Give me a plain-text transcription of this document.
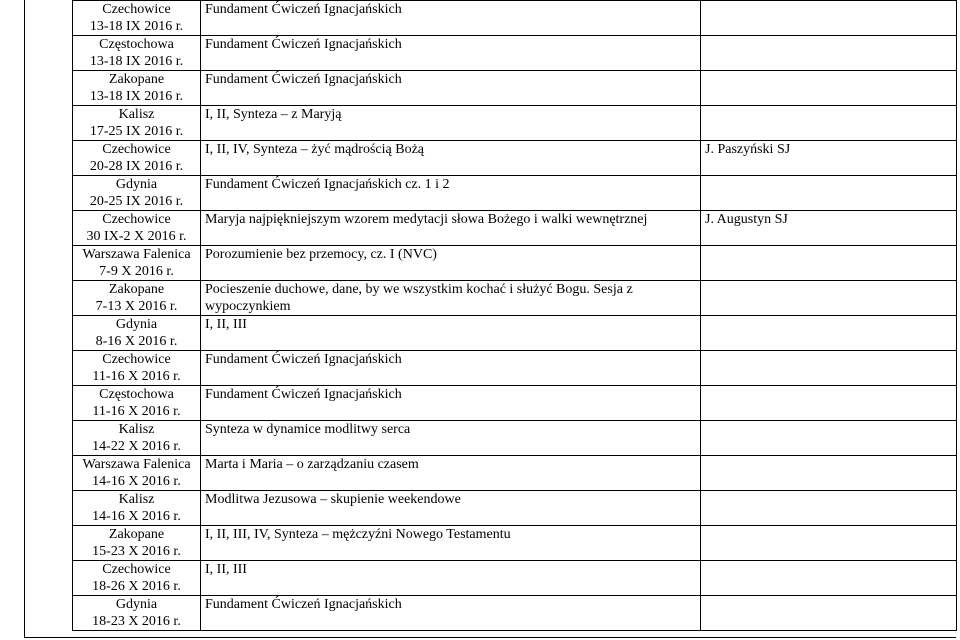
Czechowice
13-18 IX 2016 r.	Fundament Ćwiczeń Ignacjańskich	

Częstochowa
13-18 IX 2016 r.	Fundament Ćwiczeń Ignacjańskich	

Zakopane
13-18 IX 2016 r.	Fundament Ćwiczeń Ignacjańskich	

Kalisz
17-25 IX 2016 r.	I, II, Synteza – z Maryją	

Czechowice
20-28 IX 2016 r.	I, II, IV, Synteza – żyć mądrością Bożą	J. Paszyński SJ

Gdynia
20-25 IX 2016 r.	Fundament Ćwiczeń Ignacjańskich cz. 1 i 2	

Czechowice
30 IX-2 X 2016 r.	Maryja najpiękniejszym wzorem medytacji słowa Bożego i walki wewnętrznej	J. Augustyn SJ

Warszawa Falenica
7-9 X 2016 r.	Porozumienie bez przemocy, cz. I (NVC)	

Zakopane
7-13 X 2016 r.	Pocieszenie duchowe, dane, by we wszystkim kochać i służyć Bogu. Sesja z wypoczynkiem	

Gdynia
8-16 X 2016 r.	I, II, III	

Czechowice
11-16 X 2016 r.	Fundament Ćwiczeń Ignacjańskich	

Częstochowa
11-16 X 2016 r.	Fundament Ćwiczeń Ignacjańskich	

Kalisz
14-22 X 2016 r.	Synteza w dynamice modlitwy serca	

Warszawa Falenica
14-16 X 2016 r.	Marta i Maria – o zarządzaniu czasem	

Kalisz
14-16 X 2016 r.	Modlitwa Jezusowa – skupienie weekendowe	

Zakopane
15-23 X 2016 r.	I, II, III, IV, Synteza – mężczyźni Nowego Testamentu	

Czechowice
18-26 X 2016 r.	I, II, III	

Gdynia
18-23 X 2016 r.	Fundament Ćwiczeń Ignacjańskich	
